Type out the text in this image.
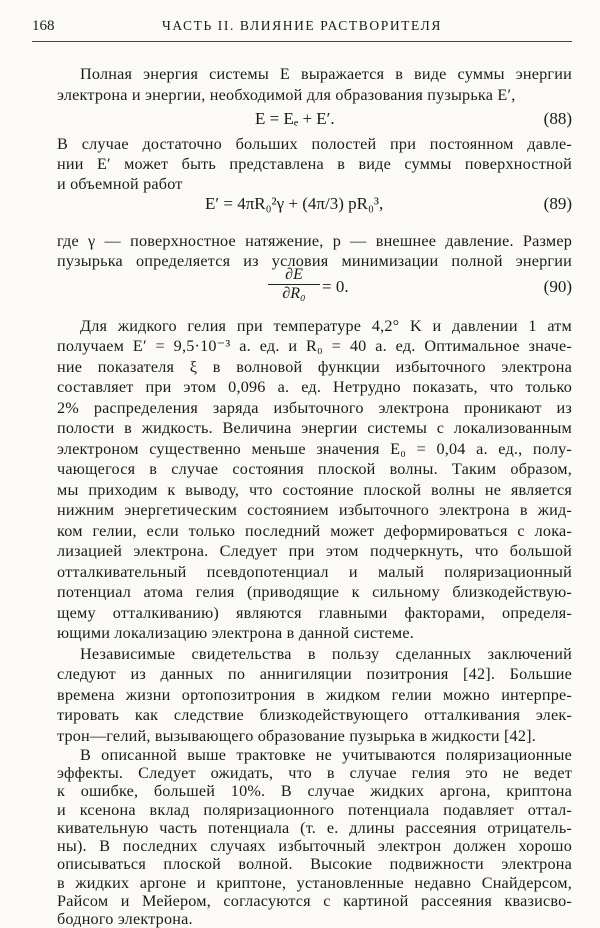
168	ЧАСТЬ II. ВЛИЯНИЕ РАСТВОРИТЕЛЯ
Полная энергия системы E выражается в виде суммы энергии
электрона и энергии, необходимой для образования пузырька E′,
E = Eₑ + E′.	(88)
В случае достаточно больших полостей при постоянном давле-
нии E′ может быть представлена в виде суммы поверхностной
и объемной работ
E′ = 4πR₀²γ + (4π/3) pR₀³,	(89)
где γ — поверхностное натяжение, p — внешнее давление. Размер
пузырька определяется из условия минимизации полной энергии
$\frac{\partial E}{\text{∂R₀}} = 0$.	(90)
Для жидкого гелия при температуре 4,2° K и давлении 1 атм
получаем E′ = 9,5·10⁻³ а. ед. и R₀ = 40 а. ед. Оптимальное значе-
ние показателя ξ в волновой функции избыточного электрона
составляет при этом 0,096 а. ед. Нетрудно показать, что только
2% распределения заряда избыточного электрона проникают из
полости в жидкость. Величина энергии системы с локализованным
электроном существенно меньше значения E₀ = 0,04 а. ед., полу-
чающегося в случае состояния плоской волны. Таким образом,
мы приходим к выводу, что состояние плоской волны не является
нижним энергетическим состоянием избыточного электрона в жид-
ком гелии, если только последний может деформироваться с лока-
лизацией электрона. Следует при этом подчеркнуть, что большой
отталкивательный псевдопотенциал и малый поляризационный
потенциал атома гелия (приводящие к сильному близкодействую-
щему отталкиванию) являются главными факторами, определя-
ющими локализацию электрона в данной системе.
Независимые свидетельства в пользу сделанных заключений
следуют из данных по аннигиляции позитрония [42]. Большие
времена жизни ортопозитрония в жидком гелии можно интерпре-
тировать как следствие близкодействующего отталкивания элек-
трон—гелий, вызывающего образование пузырька в жидкости [42].
В описанной выше трактовке не учитываются поляризационные
эффекты. Следует ожидать, что в случае гелия это не ведет
к ошибке, большей 10%. В случае жидких аргона, криптона
и ксенона вклад поляризационного потенциала подавляет оттал-
кивательную часть потенциала (т. е. длины рассеяния отрицатель-
ны). В последних случаях избыточный электрон должен хорошо
описываться плоской волной. Высокие подвижности электрона
в жидких аргоне и криптоне, установленные недавно Снайдерсом,
Райсом и Мейером, согласуются с картиной рассеяния квазисво-
бодного электрона.
